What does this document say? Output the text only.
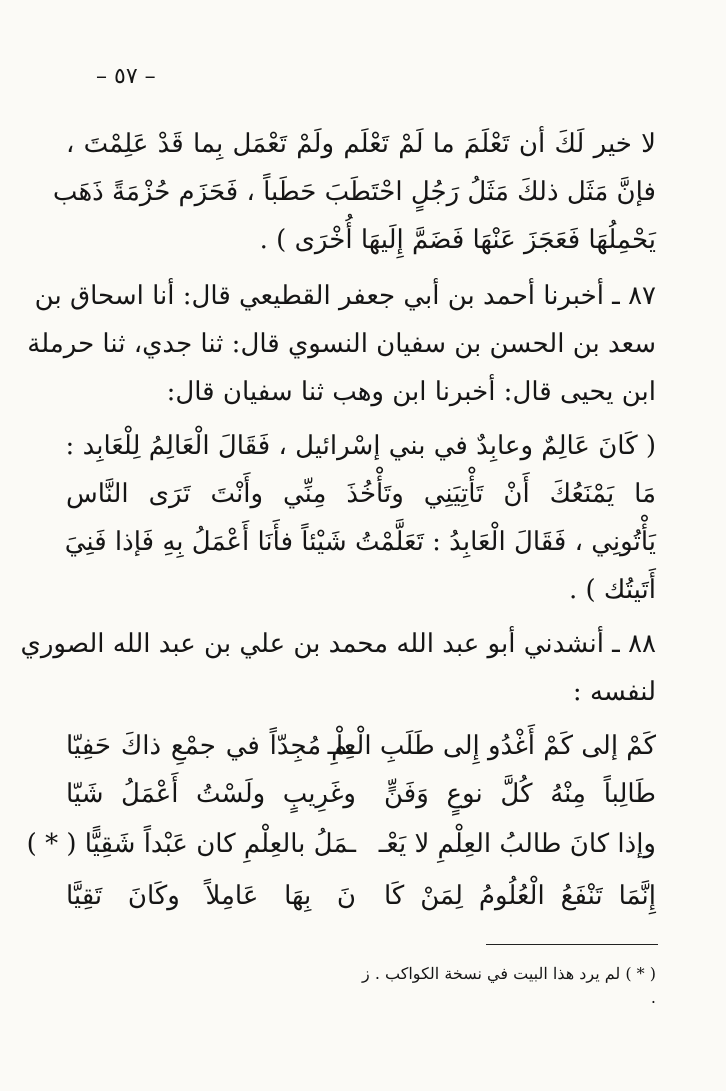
– ٥٧ –
لا خير لَكَ أن تَعْلَمَ ما لَمْ تَعْلَم ولَمْ تَعْمَل بِما قَدْ عَلِمْتَ ،
فإنَّ مَثَل ذلكَ مَثَلُ رَجُلٍ احْتَطَبَ حَطَباً ، فَحَزَم حُزْمَةً ذَهَب
يَحْمِلُهَا فَعَجَزَ عَنْهَا فَضَمَّ إِلَيهَا أُخْرَى ) .
٨٧ ـ أخبرنا أحمد بن أبي جعفر القطيعي قال: أنا اسحاق بن
سعد بن الحسن بن سفيان النسوي قال: ثنا جدي، ثنا حرملة
ابن يحيى قال: أخبرنا ابن وهب ثنا سفيان قال:
( كَانَ عَالِمٌ وعابِدٌ في بني إسْرائيل ، فَقَالَ الْعَالِمُ لِلْعَابِد :
مَا يَمْنَعُكَ أَنْ تَأْتِيَنِي وتَأْخُذَ مِنِّي وأَنْتَ تَرَى النَّاس
يَأْتُونِي ، فَقَالَ الْعَابِدُ : تَعَلَّمْتُ شَيْئاً فأَنَا أَعْمَلُ بِهِ فَإذا فَنِيَ
أَتَيتُك ) .
٨٨ ـ أنشدني أبو عبد الله محمد بن علي بن عبد الله الصوري
لنفسه :
كَمْ إلى كَمْ أَغْدُو إِلى طَلَبِ الْعِلْـ
ـمِ مُجِدّاً في جمْعِ ذاكَ حَفِيّا
طَالِباً مِنْهُ كُلَّ نوعٍ وَفَنٍّ
وغَرِيبٍ ولَسْتُ أَعْمَلُ شَيّا
وإذا كانَ طالبُ العِلْمِ لا يَعْـ
ـمَلُ بالعِلْمِ كان عَبْداً شَقِيًّا ( * )
إِنَّمَا تَنْفَعُ الْعُلُومُ لِمَنْ كَا
نَ بِهَا عَامِلاً وكَانَ تَقِيَّا
( * ) لم يرد هذا البيت في نسخة الكواكب . ز .
